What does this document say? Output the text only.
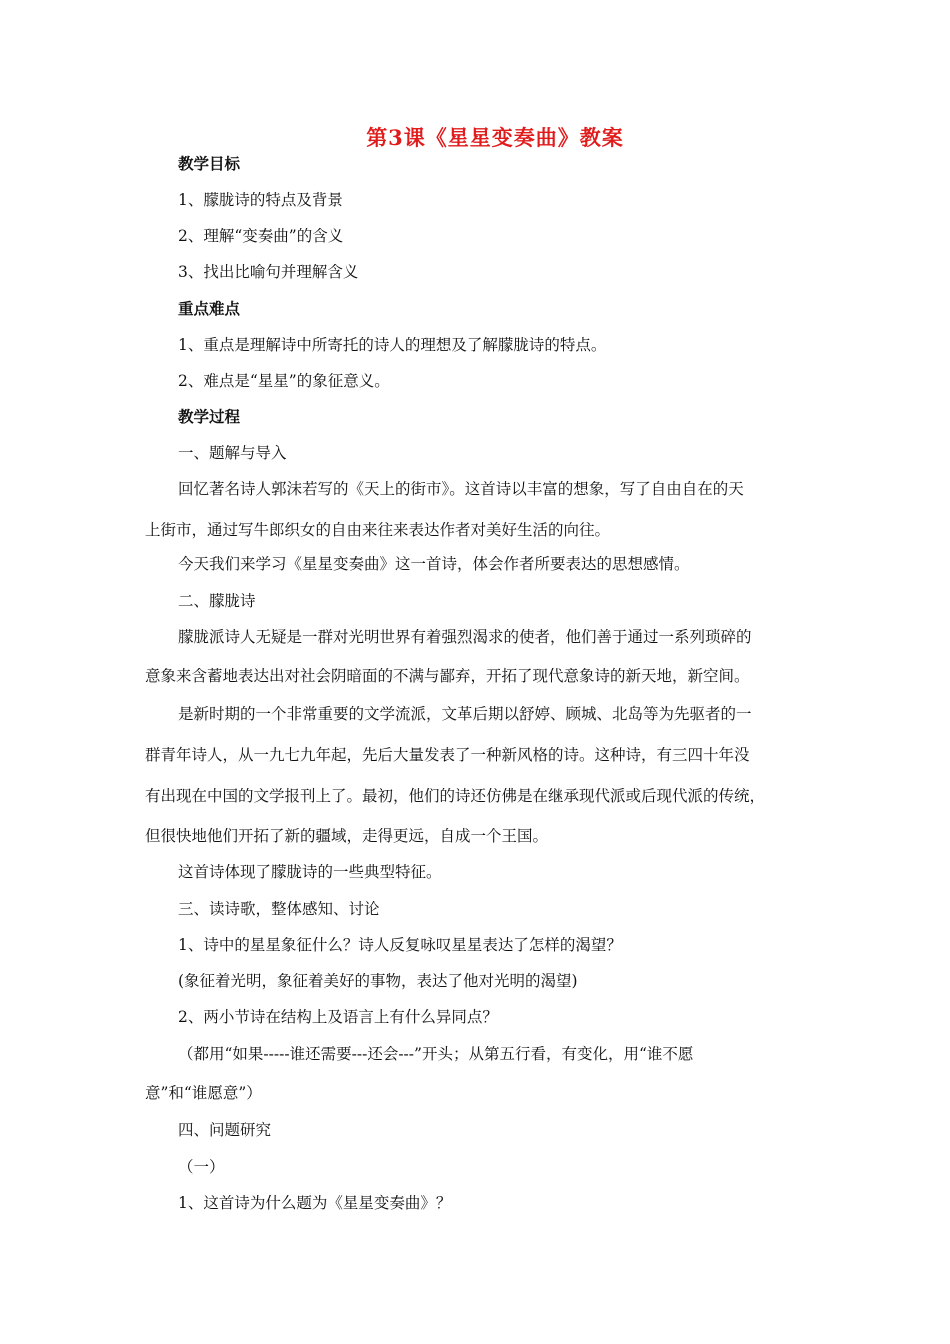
第3课《星星变奏曲》教案
教学目标
1、朦胧诗的特点及背景
2、理解“变奏曲”的含义
3、找出比喻句并理解含义
重点难点
1、重点是理解诗中所寄托的诗人的理想及了解朦胧诗的特点。
2、难点是“星星”的象征意义。
教学过程
一、题解与导入
回忆著名诗人郭沫若写的《天上的街市》。这首诗以丰富的想象，写了自由自在的天
上街市，通过写牛郎织女的自由来往来表达作者对美好生活的向往。
今天我们来学习《星星变奏曲》这一首诗，体会作者所要表达的思想感情。
二、朦胧诗
朦胧派诗人无疑是一群对光明世界有着强烈渴求的使者，他们善于通过一系列琐碎的
意象来含蓄地表达出对社会阴暗面的不满与鄙弃，开拓了现代意象诗的新天地，新空间。
是新时期的一个非常重要的文学流派，文革后期以舒婷、顾城、北岛等为先驱者的一
群青年诗人，从一九七九年起，先后大量发表了一种新风格的诗。这种诗，有三四十年没
有出现在中国的文学报刊上了。最初，他们的诗还仿佛是在继承现代派或后现代派的传统，
但很快地他们开拓了新的疆域，走得更远，自成一个王国。
这首诗体现了朦胧诗的一些典型特征。
三、读诗歌，整体感知、讨论
1、诗中的星星象征什么？诗人反复咏叹星星表达了怎样的渴望？
(象征着光明，象征着美好的事物，表达了他对光明的渴望)
2、两小节诗在结构上及语言上有什么异同点？
（都用“如果-----谁还需要---还会---”开头；从第五行看，有变化，用“谁不愿
意”和“谁愿意”）
四、问题研究
（一）
1、这首诗为什么题为《星星变奏曲》？
